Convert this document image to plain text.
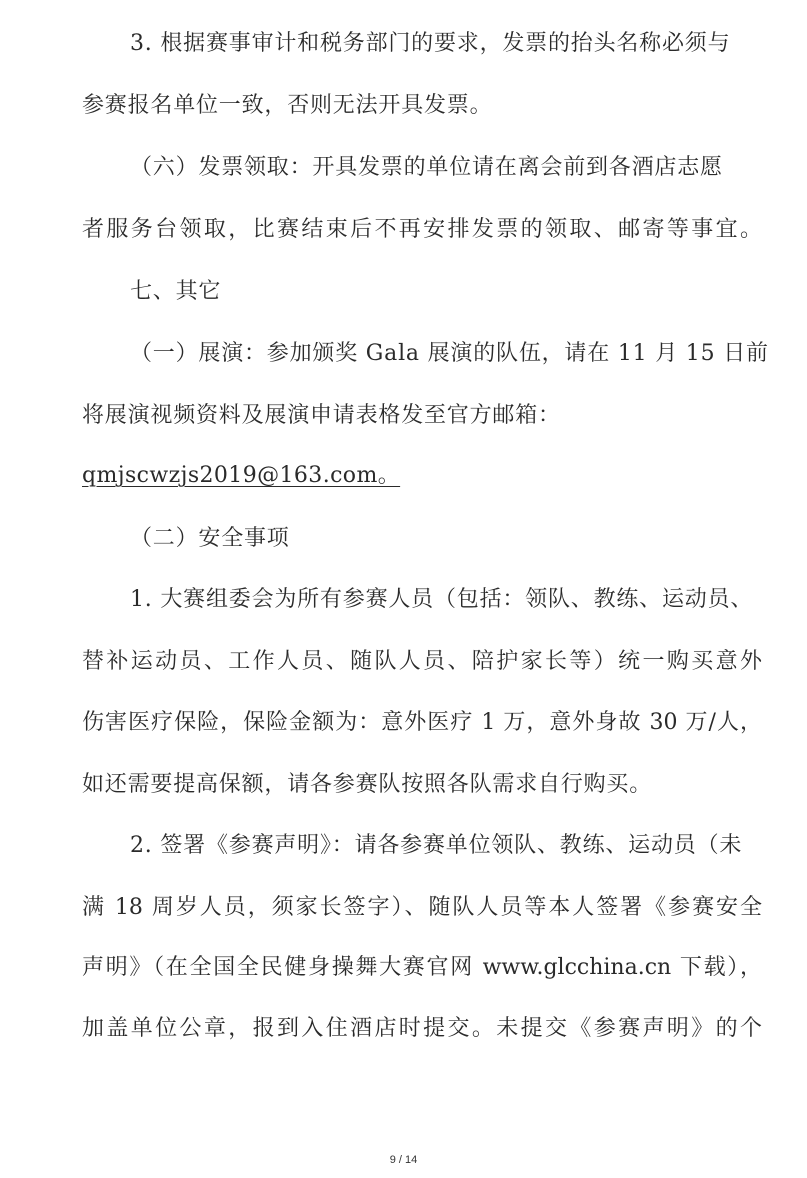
3. 根据赛事审计和税务部门的要求，发票的抬头名称必须与
参赛报名单位一致，否则无法开具发票。
（六）发票领取：开具发票的单位请在离会前到各酒店志愿
者服务台领取，比赛结束后不再安排发票的领取、邮寄等事宜。
七、其它
（一）展演：参加颁奖 Gala 展演的队伍，请在 11 月 15 日前
将展演视频资料及展演申请表格发至官方邮箱：
qmjscwzjs2019@163.com。
（二）安全事项
1. 大赛组委会为所有参赛人员（包括：领队、教练、运动员、
替补运动员、工作人员、随队人员、陪护家长等）统一购买意外
伤害医疗保险，保险金额为：意外医疗 1 万，意外身故 30 万/人，
如还需要提高保额，请各参赛队按照各队需求自行购买。
2. 签署《参赛声明》：请各参赛单位领队、教练、运动员（未
满 18 周岁人员，须家长签字）、随队人员等本人签署《参赛安全
声明》（在全国全民健身操舞大赛官网 www.glcchina.cn 下载），
加盖单位公章，报到入住酒店时提交。未提交《参赛声明》的个
9 / 14
